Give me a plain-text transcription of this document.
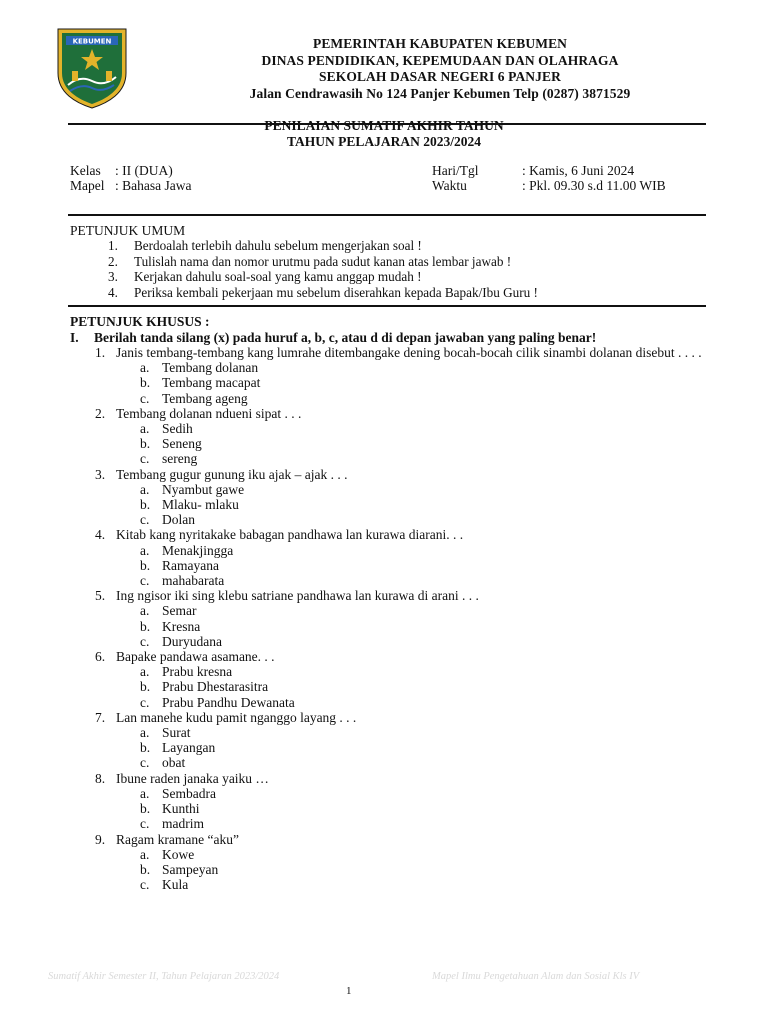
KEBUMEN	PEMERINTAH KABUPATEN KEBUMEN
DINAS PENDIDIKAN, KEPEMUDAAN DAN OLAHRAGA
SEKOLAH DASAR NEGERI 6 PANJER
Jalan Cendrawasih No 124 Panjer Kebumen Telp (0287) 3871529
PENILAIAN SUMATIF AKHIR TAHUN
TAHUN PELAJARAN 2023/2024
Kelas : II (DUA)
Mapel : Bahasa Jawa
Hari/Tgl	: Kamis, 6 Juni 2024
Waktu	: Pkl. 09.30 s.d 11.00 WIB
PETUNJUK UMUM
1.	Berdoalah terlebih dahulu sebelum mengerjakan soal !
2.	Tulislah nama dan nomor urutmu pada sudut kanan atas lembar jawab !
3.	Kerjakan dahulu soal-soal yang kamu anggap mudah !
4.	Periksa kembali pekerjaan mu sebelum diserahkan kepada Bapak/Ibu Guru !
PETUNJUK KHUSUS :
I. Berilah tanda silang (x) pada huruf a, b, c, atau d di depan jawaban yang paling benar!
1. Janis tembang-tembang kang lumrahe ditembangake dening bocah-bocah cilik sinambi dolanan disebut . . . .
a. Tembang dolanan
b. Tembang macapat
c. Tembang ageng
2. Tembang dolanan ndueni sipat . . .
a. Sedih
b. Seneng
c. sereng
3. Tembang gugur gunung iku ajak – ajak . . .
a. Nyambut gawe
b. Mlaku- mlaku
c. Dolan
4. Kitab kang nyritakake babagan pandhawa lan kurawa diarani. . .
a. Menakjingga
b. Ramayana
c. mahabarata
5. Ing ngisor iki sing klebu satriane pandhawa lan kurawa di arani . . .
a. Semar
b. Kresna
c. Duryudana
6. Bapake pandawa asamane. . .
a. Prabu kresna
b. Prabu Dhestarasitra
c. Prabu Pandhu Dewanata
7. Lan manehe kudu pamit nganggo layang . . .
a. Surat
b. Layangan
c. obat
8. Ibune raden janaka yaiku …
a. Sembadra
b. Kunthi
c. madrim
9. Ragam kramane “aku”
a. Kowe
b. Sampeyan
c. Kula
Sumatif Akhir Semester II, Tahun Pelajaran 2023/2024	Mapel Ilmu Pengetahuan Alam dan Sosial Kls IV
1
